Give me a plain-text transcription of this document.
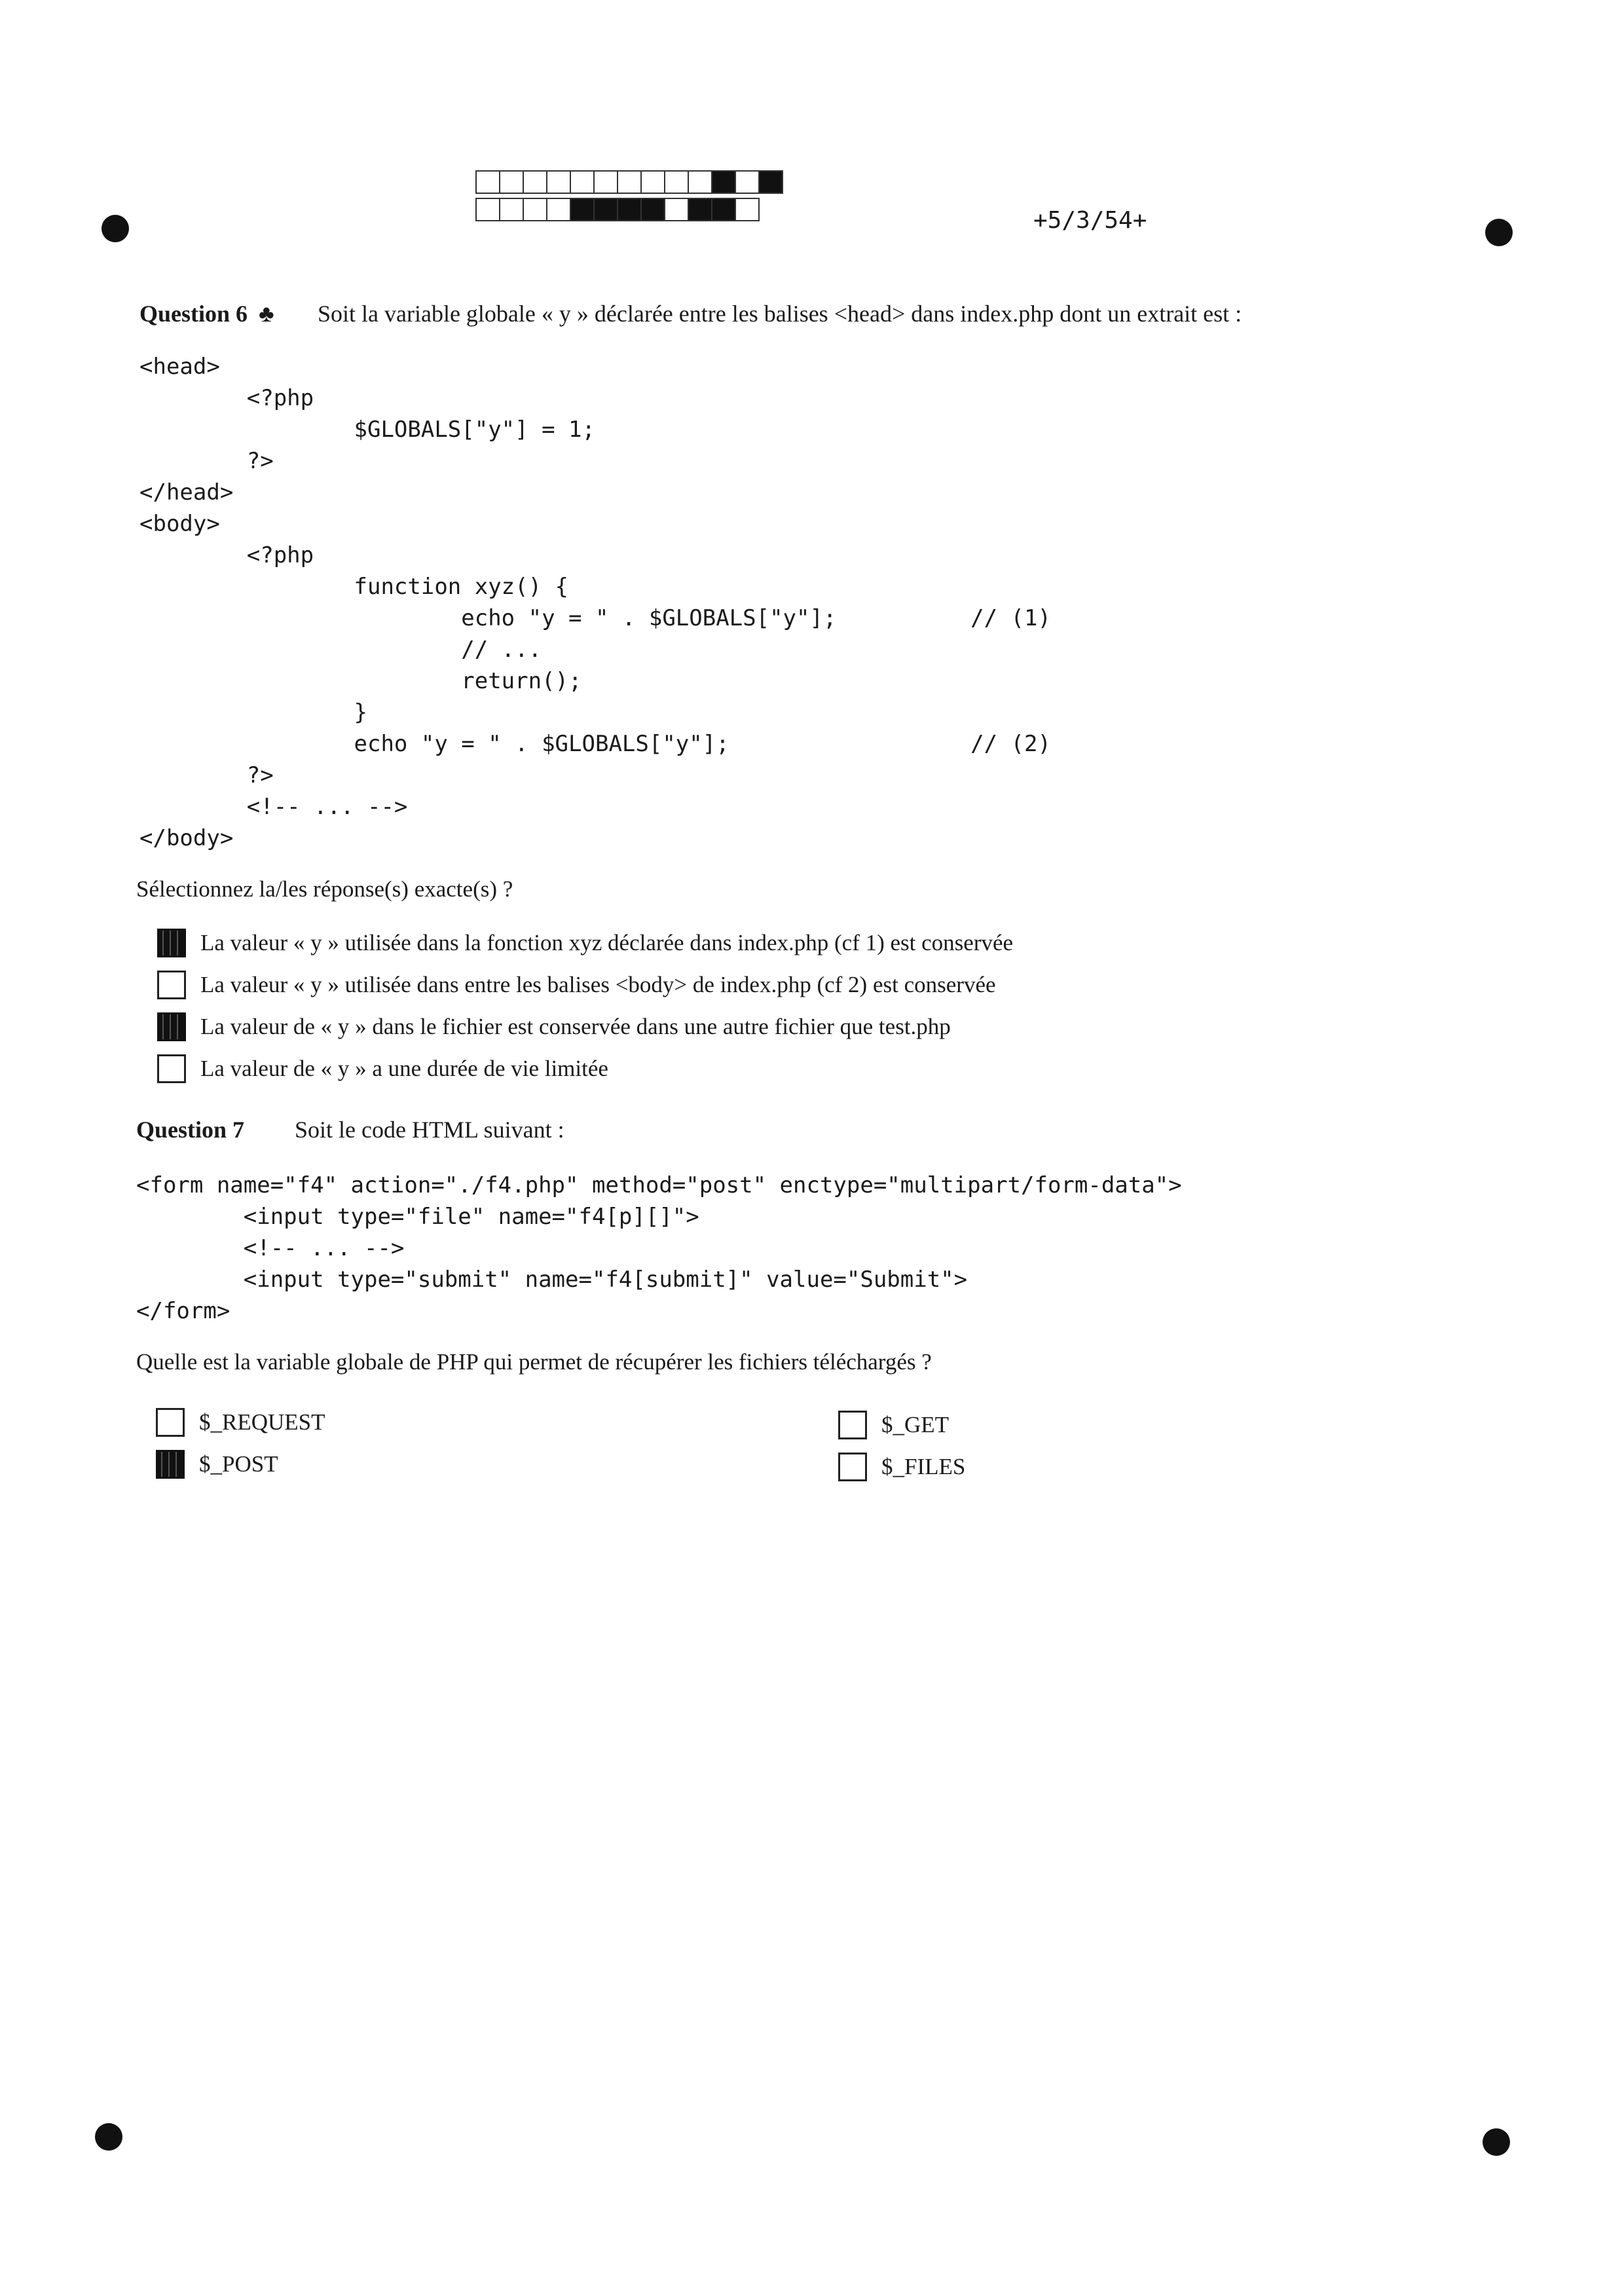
+5/3/54+
Question 6 ♣ Soit la variable globale « y » déclarée entre les balises <head> dans index.php dont un extrait est :
<head>
<?php
$GLOBALS["y"] = 1;
?>
</head>
<body>
<?php
function xyz() {
echo "y = " . $GLOBALS["y"];          // (1)
// ...
return();
}
echo "y = " . $GLOBALS["y"];                  // (2)
?>
<!-- ... -->
</body>
Sélectionnez la/les réponse(s) exacte(s) ?
La valeur « y » utilisée dans la fonction xyz déclarée dans index.php (cf 1) est conservée
La valeur « y » utilisée dans entre les balises <body> de index.php (cf 2) est conservée
La valeur de « y » dans le fichier est conservée dans une autre fichier que test.php
La valeur de « y » a une durée de vie limitée
Question 7 Soit le code HTML suivant :
<form name="f4" action="./f4.php" method="post" enctype="multipart/form-data">
<input type="file" name="f4[p][]">
<!-- ... -->
<input type="submit" name="f4[submit]" value="Submit">
</form>
Quelle est la variable globale de PHP qui permet de récupérer les fichiers téléchargés ?
$_REQUEST
$_POST
$_GET
$_FILES
